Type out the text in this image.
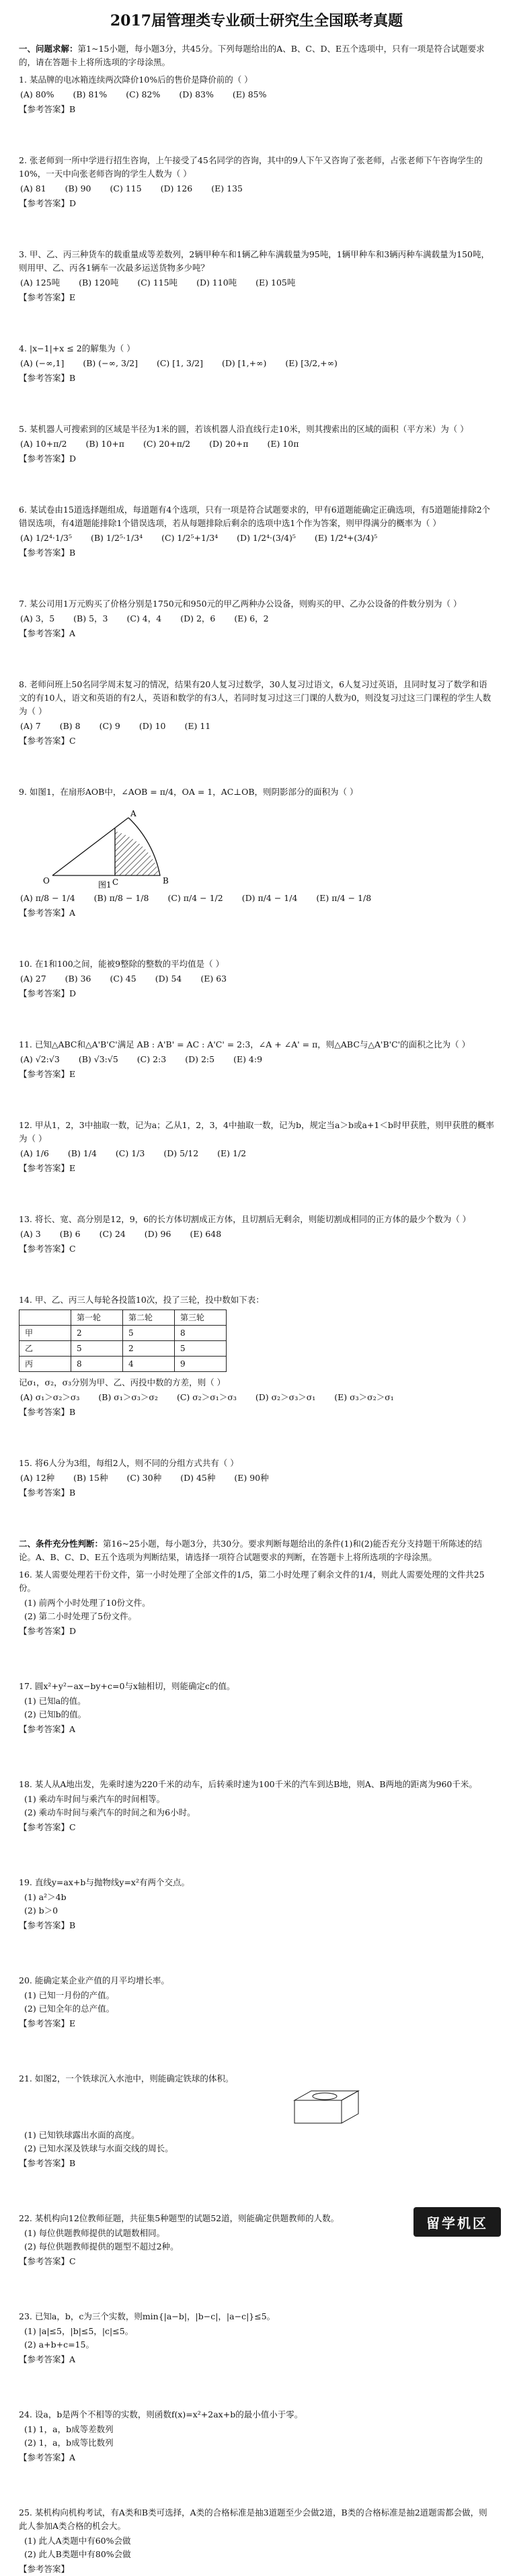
2017届管理类专业硕士研究生全国联考真题
一、问题求解：第1~15小题，每小题3分，共45分。下列每题给出的A、B、C、D、E五个选项中，只有一项是符合试题要求的，请在答题卡上将所选项的字母涂黑。
1. 某品牌的电冰箱连续两次降价10%后的售价是降价前的（ ）
(A) 80% (B) 81% (C) 82% (D) 83% (E) 85%
【参考答案】B
2. 张老师到一所中学进行招生咨询，上午接受了45名同学的咨询，其中的9人下午又咨询了张老师，占张老师下午咨询学生的10%，一天中向张老师咨询的学生人数为（ ）
(A) 81 (B) 90 (C) 115 (D) 126 (E) 135
【参考答案】D
3. 甲、乙、丙三种货车的载重量成等差数列，2辆甲种车和1辆乙种车满载量为95吨，1辆甲种车和3辆丙种车满载量为150吨，则用甲、乙、丙各1辆车一次最多运送货物多少吨？
(A) 125吨 (B) 120吨 (C) 115吨 (D) 110吨 (E) 105吨
【参考答案】E
4. |x−1|+x ≤ 2的解集为（ ）
(A) (−∞,1] (B) (−∞, 3/2] (C) [1, 3/2] (D) [1,+∞) (E) [3/2,+∞)
【参考答案】B
5. 某机器人可搜索到的区域是半径为1米的圆，若该机器人沿直线行走10米，则其搜索出的区域的面积（平方米）为（ ）
(A) 10+π/2 (B) 10+π (C) 20+π/2 (D) 20+π (E) 10π
【参考答案】D
6. 某试卷由15道选择题组成，每道题有4个选项，只有一项是符合试题要求的，甲有6道题能确定正确选项，有5道题能排除2个错误选项，有4道题能排除1个错误选项，若从每题排除后剩余的选项中选1个作为答案，则甲得满分的概率为（ ）
(A) 1/2⁴·1/3⁵ (B) 1/2⁵·1/3⁴ (C) 1/2⁵+1/3⁴ (D) 1/2⁴·(3/4)⁵ (E) 1/2⁴+(3/4)⁵
【参考答案】B
7. 某公司用1万元购买了价格分别是1750元和950元的甲乙两种办公设备，则购买的甲、乙办公设备的件数分别为（ ）
(A) 3，5 (B) 5，3 (C) 4，4 (D) 2，6 (E) 6，2
【参考答案】A
8. 老师问班上50名同学周末复习的情况，结果有20人复习过数学，30人复习过语文，6人复习过英语，且同时复习了数学和语文的有10人，语文和英语的有2人，英语和数学的有3人，若同时复习过这三门课的人数为0，则没复习过这三门课程的学生人数为（ ）
(A) 7 (B) 8 (C) 9 (D) 10 (E) 11
【参考答案】C
9. 如图1，在扇形AOB中，∠AOB = π/4，OA = 1，AC⊥OB，则阴影部分的面积为（ ）
O	B
A
C
图1
(A) π/8 − 1/4 (B) π/8 − 1/8 (C) π/4 − 1/2 (D) π/4 − 1/4 (E) π/4 − 1/8
【参考答案】A
10. 在1和100之间，能被9整除的整数的平均值是（ ）
(A) 27 (B) 36 (C) 45 (D) 54 (E) 63
【参考答案】D
11. 已知△ABC和△A'B'C'满足 AB : A'B' = AC : A'C' = 2:3，∠A + ∠A' = π，则△ABC与△A'B'C'的面积之比为（ ）
(A) √2:√3 (B) √3:√5 (C) 2:3 (D) 2:5 (E) 4:9
【参考答案】E
12. 甲从1，2，3中抽取一数，记为a；乙从1，2，3，4中抽取一数，记为b，规定当a＞b或a+1＜b时甲获胜，则甲获胜的概率为（ ）
(A) 1/6 (B) 1/4 (C) 1/3 (D) 5/12 (E) 1/2
【参考答案】E
13. 将长、宽、高分别是12，9，6的长方体切割成正方体，且切割后无剩余，则能切割成相同的正方体的最少个数为（ ）
(A) 3 (B) 6 (C) 24 (D) 96 (E) 648
【参考答案】C
14. 甲、乙、丙三人每轮各投篮10次，投了三轮，投中数如下表：
	第一轮	第二轮	第三轮
甲	2	5	8
乙	5	2	5
丙	8	4	9
记σ₁，σ₂，σ₃分别为甲、乙、丙投中数的方差，则（ ）
(A) σ₁＞σ₂＞σ₃ (B) σ₁＞σ₃＞σ₂ (C) σ₂＞σ₁＞σ₃ (D) σ₂＞σ₃＞σ₁ (E) σ₃＞σ₂＞σ₁
【参考答案】B
15. 将6人分为3组，每组2人，则不同的分组方式共有（ ）
(A) 12种 (B) 15种 (C) 30种 (D) 45种 (E) 90种
【参考答案】B
二、条件充分性判断：第16~25小题，每小题3分，共30分。要求判断每题给出的条件(1)和(2)能否充分支持题干所陈述的结论。A、B、C、D、E五个选项为判断结果，请选择一项符合试题要求的判断，在答题卡上将所选项的字母涂黑。
16. 某人需要处理若干份文件，第一小时处理了全部文件的1/5，第二小时处理了剩余文件的1/4，则此人需要处理的文件共25份。
(1) 前两个小时处理了10份文件。
(2) 第二小时处理了5份文件。
【参考答案】D
17. 圆x²+y²−ax−by+c=0与x轴相切，则能确定c的值。
(1) 已知a的值。
(2) 已知b的值。
【参考答案】A
18. 某人从A地出发，先乘时速为220千米的动车，后转乘时速为100千米的汽车到达B地，则A、B两地的距离为960千米。
(1) 乘动车时间与乘汽车的时间相等。
(2) 乘动车时间与乘汽车的时间之和为6小时。
【参考答案】C
19. 直线y=ax+b与抛物线y=x²有两个交点。
(1) a²＞4b
(2) b＞0
【参考答案】B
20. 能确定某企业产值的月平均增长率。
(1) 已知一月份的产值。
(2) 已知全年的总产值。
【参考答案】E
21. 如图2，一个铁球沉入水池中，则能确定铁球的体积。
(1) 已知铁球露出水面的高度。
(2) 已知水深及铁球与水面交线的周长。
【参考答案】B
22. 某机构向12位教师征题，共征集5种题型的试题52道，则能确定供题教师的人数。
(1) 每位供题教师提供的试题数相同。
(2) 每位供题教师提供的题型不超过2种。
【参考答案】C
23. 已知a，b，c为三个实数，则min{|a−b|，|b−c|，|a−c|}≤5。
(1) |a|≤5，|b|≤5，|c|≤5。
(2) a+b+c=15。
【参考答案】A
24. 设a，b是两个不相等的实数，则函数f(x)=x²+2ax+b的最小值小于零。
(1) 1，a，b成等差数列
(2) 1，a，b成等比数列
【参考答案】A
25. 某机构向机构考试，有A类和B类可选择，A类的合格标准是抽3道题至少会做2道，B类的合格标准是抽2道题需都会做，则此人参加A类合格的机会大。
(1) 此人A类题中有60%会做
(2) 此人B类题中有80%会做
【参考答案】
留学机区
